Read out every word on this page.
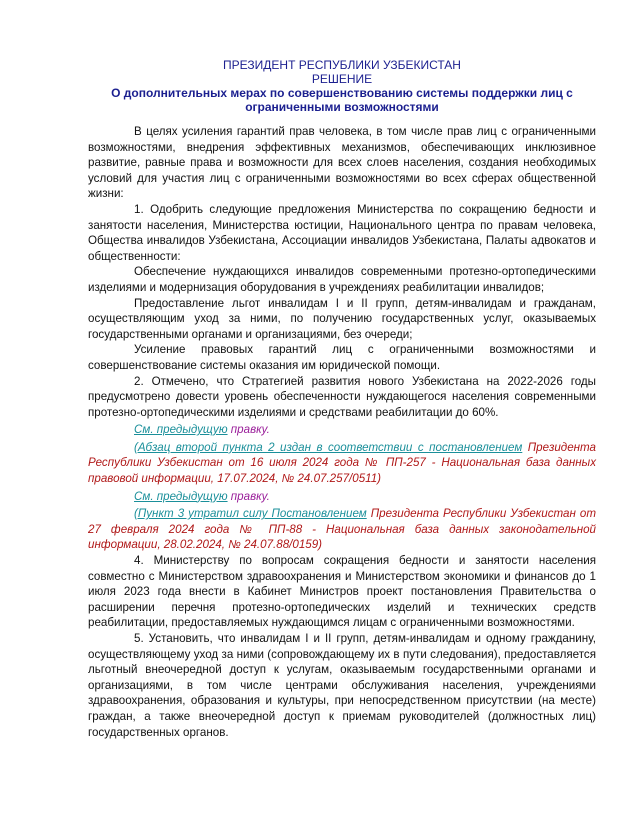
ПРЕЗИДЕНТ РЕСПУБЛИКИ УЗБЕКИСТАН
РЕШЕНИЕ
О дополнительных мерах по совершенствованию системы поддержки лиц с ограниченными возможностями

В целях усиления гарантий прав человека, в том числе прав лиц с ограниченными возможностями, внедрения эффективных механизмов, обеспечивающих инклюзивное развитие, равные права и возможности для всех слоев населения, создания необходимых условий для участия лиц с ограниченными возможностями во всех сферах общественной жизни:

1. Одобрить следующие предложения Министерства по сокращению бедности и занятости населения, Министерства юстиции, Национального центра по правам человека, Общества инвалидов Узбекистана, Ассоциации инвалидов Узбекистана, Палаты адвокатов и общественности:

Обеспечение нуждающихся инвалидов современными протезно-ортопедическими изделиями и модернизация оборудования в учреждениях реабилитации инвалидов;

Предоставление льгот инвалидам I и II групп, детям-инвалидам и гражданам, осуществляющим уход за ними, по получению государственных услуг, оказываемых государственными органами и организациями, без очереди;

Усиление правовых гарантий лиц с ограниченными возможностями и совершенствование системы оказания им юридической помощи.

2. Отмечено, что Стратегией развития нового Узбекистана на 2022-2026 годы предусмотрено довести уровень обеспеченности нуждающегося населения современными протезно-ортопедическими изделиями и средствами реабилитации до 60%.

См. предыдущую правку.

(Абзац второй пункта 2 издан в соответствии с постановлением Президента Республики Узбекистан от 16 июля 2024 года № ПП-257 - Национальная база данных правовой информации, 17.07.2024, № 24.07.257/0511)

См. предыдущую правку.

(Пункт 3 утратил силу Постановлением Президента Республики Узбекистан от 27 февраля 2024 года № ПП-88 - Национальная база данных законодательной информации, 28.02.2024, № 24.07.88/0159)

4. Министерству по вопросам сокращения бедности и занятости населения совместно с Министерством здравоохранения и Министерством экономики и финансов до 1 июля 2023 года внести в Кабинет Министров проект постановления Правительства о расширении перечня протезно-ортопедических изделий и технических средств реабилитации, предоставляемых нуждающимся лицам с ограниченными возможностями.

5. Установить, что инвалидам I и II групп, детям-инвалидам и одному гражданину, осуществляющему уход за ними (сопровождающему их в пути следования), предоставляется льготный внеочередной доступ к услугам, оказываемым государственными органами и организациями, в том числе центрами обслуживания населения, учреждениями здравоохранения, образования и культуры, при непосредственном присутствии (на месте) граждан, а также внеочередной доступ к приемам руководителей (должностных лиц) государственных органов.
